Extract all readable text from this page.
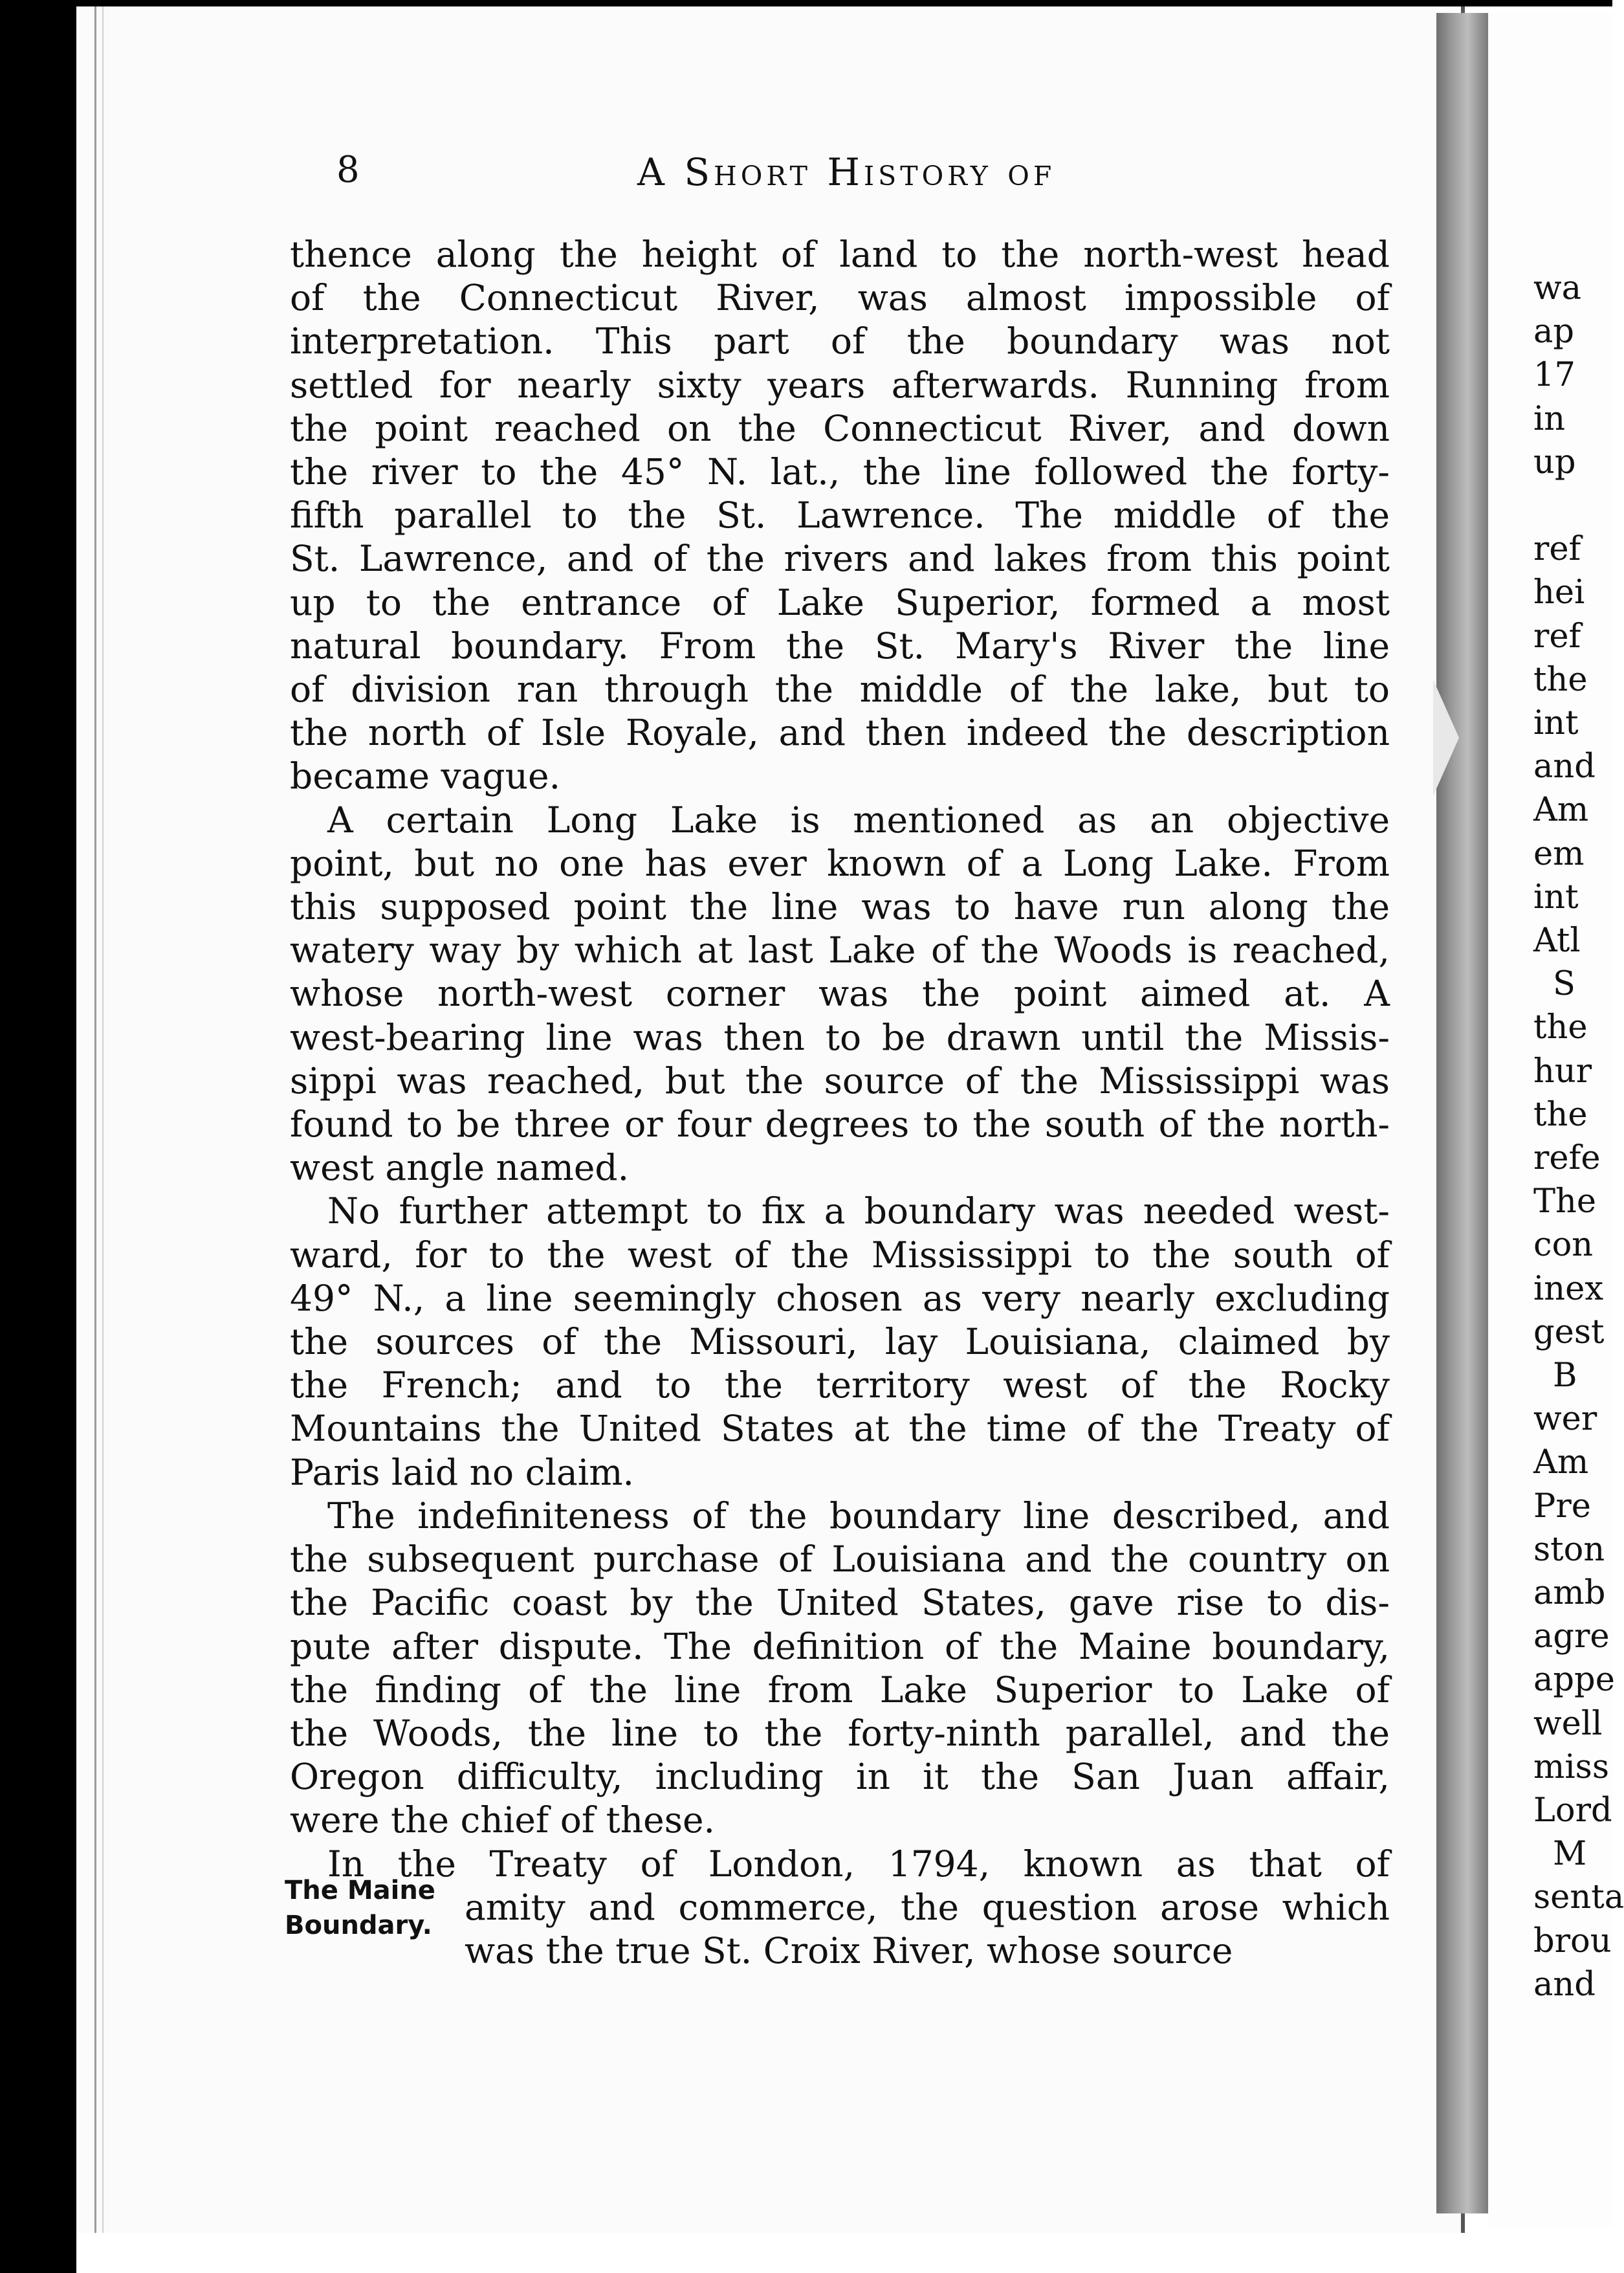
wa
ap
17
in
up
ref
hei
ref
the
int
and
Am
em
int
Atl
S
the
hur
the
refe
The
con
inex
gest
B
wer
Am
Pre
ston
amb
agre
appe
well
miss
Lord
M
senta
brou
and
8	A Short History of
thence along the height of land to the north-west head
of the Connecticut River, was almost impossible of
interpretation. This part of the boundary was not
settled for nearly sixty years afterwards. Running from
the point reached on the Connecticut River, and down
the river to the 45° N. lat., the line followed the forty-
fifth parallel to the St. Lawrence. The middle of the
St. Lawrence, and of the rivers and lakes from this point
up to the entrance of Lake Superior, formed a most
natural boundary. From the St. Mary's River the line
of division ran through the middle of the lake, but to
the north of Isle Royale, and then indeed the description
became vague.
A certain Long Lake is mentioned as an objective
point, but no one has ever known of a Long Lake. From
this supposed point the line was to have run along the
watery way by which at last Lake of the Woods is reached,
whose north-west corner was the point aimed at. A
west-bearing line was then to be drawn until the Missis-
sippi was reached, but the source of the Mississippi was
found to be three or four degrees to the south of the north-
west angle named.
No further attempt to fix a boundary was needed west-
ward, for to the west of the Mississippi to the south of
49° N., a line seemingly chosen as very nearly excluding
the sources of the Missouri, lay Louisiana, claimed by
the French; and to the territory west of the Rocky
Mountains the United States at the time of the Treaty of
Paris laid no claim.
The indefiniteness of the boundary line described, and
the subsequent purchase of Louisiana and the country on
the Pacific coast by the United States, gave rise to dis-
pute after dispute. The definition of the Maine boundary,
the finding of the line from Lake Superior to Lake of
the Woods, the line to the forty-ninth parallel, and the
Oregon difficulty, including in it the San Juan affair,
were the chief of these.
In the Treaty of London, 1794, known as that of
amity and commerce, the question arose which
was the true St. Croix River, whose source
The Maine
Boundary.
